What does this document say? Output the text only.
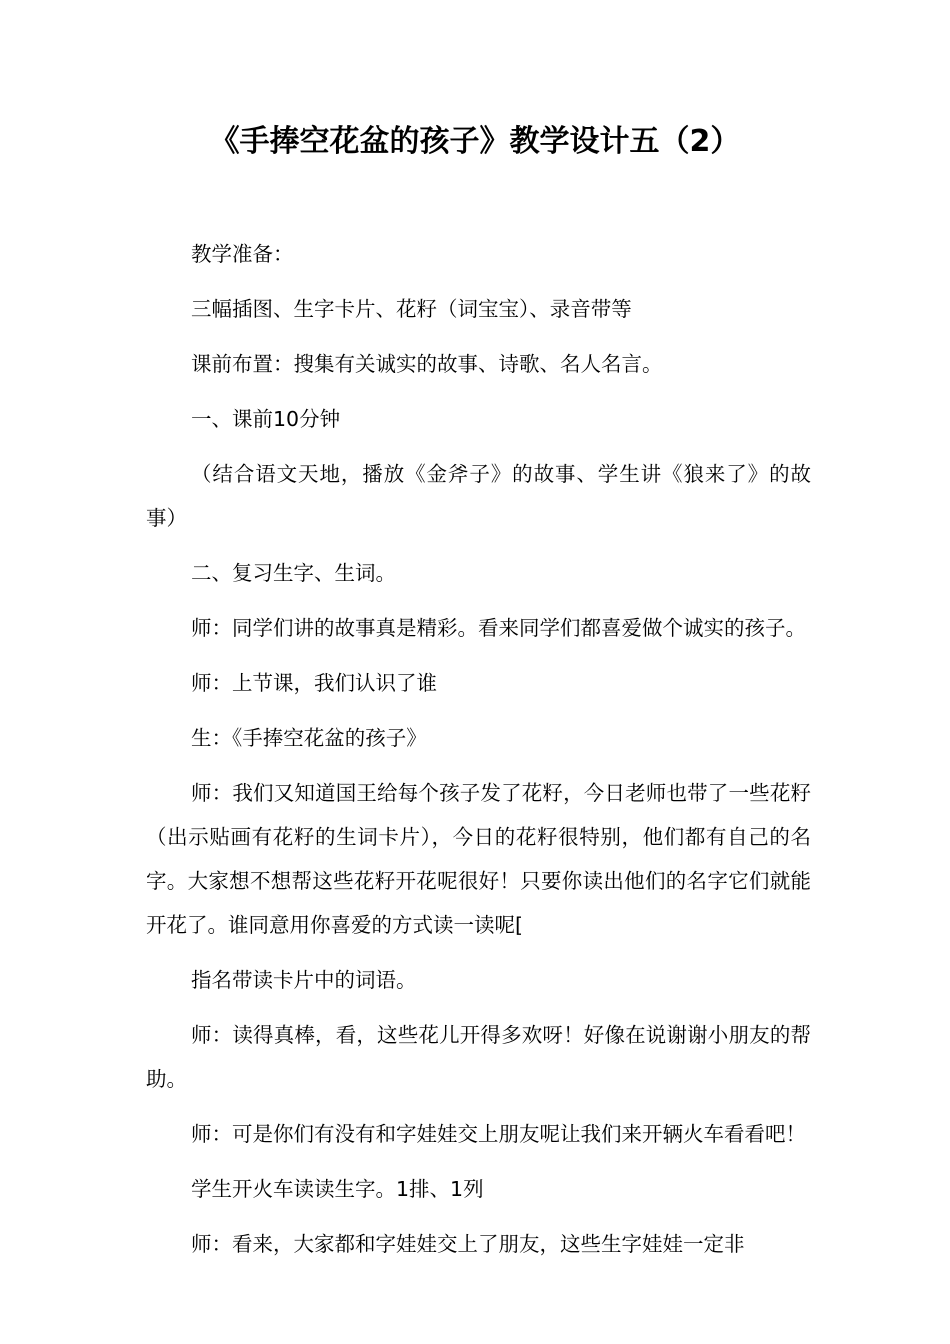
《手捧空花盆的孩子》教学设计五（2）

教学准备：

三幅插图、生字卡片、花籽（词宝宝）、录音带等

课前布置：搜集有关诚实的故事、诗歌、名人名言。

一、课前10分钟

（结合语文天地，播放《金斧子》的故事、学生讲《狼来了》的故事）

二、复习生字、生词。

师：同学们讲的故事真是精彩。看来同学们都喜爱做个诚实的孩子。

师：上节课，我们认识了谁

生：《手捧空花盆的孩子》

师：我们又知道国王给每个孩子发了花籽，今日老师也带了一些花籽（出示贴画有花籽的生词卡片），今日的花籽很特别，他们都有自己的名字。大家想不想帮这些花籽开花呢很好！只要你读出他们的名字它们就能开花了。谁同意用你喜爱的方式读一读呢[

指名带读卡片中的词语。

师：读得真棒，看，这些花儿开得多欢呀！好像在说谢谢小朋友的帮助。

师：可是你们有没有和字娃娃交上朋友呢让我们来开辆火车看看吧！

学生开火车读读生字。1排、1列

师：看来，大家都和字娃娃交上了朋友，这些生字娃娃一定非
